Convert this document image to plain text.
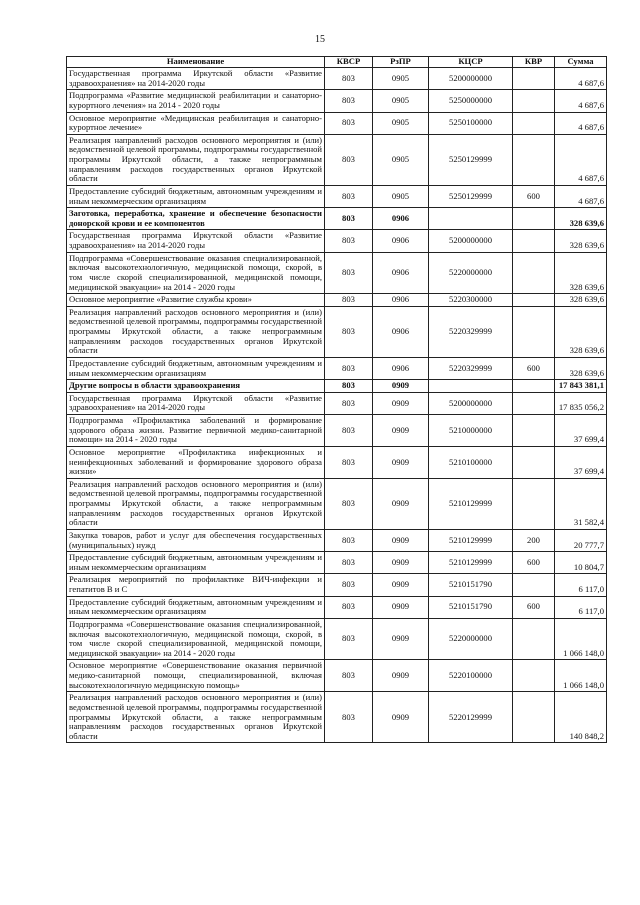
15
Наименование	КВСР	РзПР	КЦСР	КВР	Сумма
Государственная программа Иркутской области «Развитие здравоохранения» на 2014-2020 годы	803	0905	5200000000		4 687,6
Подпрограмма «Развитие медицинской реабилитации и санаторно-курортного лечения» на 2014 - 2020 годы	803	0905	5250000000		4 687,6
Основное мероприятие «Медицинская реабилитация и санаторно-курортное лечение»	803	0905	5250100000		4 687,6
Реализация направлений расходов основного мероприятия и (или) ведомственной целевой программы, подпрограммы государственной программы Иркутской области, а также непрограммным направлениям расходов государственных органов Иркутской области	803	0905	5250129999		4 687,6
Предоставление субсидий бюджетным, автономным учреждениям и иным некоммерческим организациям	803	0905	5250129999	600	4 687,6
Заготовка, переработка, хранение и обеспечение безопасности донорской крови и ее компонентов	803	0906			328 639,6
Государственная программа Иркутской области «Развитие здравоохранения» на 2014-2020 годы	803	0906	5200000000		328 639,6
Подпрограмма «Совершенствование оказания специализированной, включая высокотехнологичную, медицинской помощи, скорой, в том числе скорой специализированной, медицинской помощи, медицинской эвакуации» на 2014 - 2020 годы	803	0906	5220000000		328 639,6
Основное мероприятие «Развитие службы крови»	803	0906	5220300000		328 639,6
Реализация направлений расходов основного мероприятия и (или) ведомственной целевой программы, подпрограммы государственной программы Иркутской области, а также непрограммным направлениям расходов государственных органов Иркутской области	803	0906	5220329999		328 639,6
Предоставление субсидий бюджетным, автономным учреждениям и иным некоммерческим организациям	803	0906	5220329999	600	328 639,6
Другие вопросы в области здравоохранения	803	0909			17 843 381,1
Государственная программа Иркутской области «Развитие здравоохранения» на 2014-2020 годы	803	0909	5200000000		17 835 056,2
Подпрограмма «Профилактика заболеваний и формирование здорового образа жизни. Развитие первичной медико-санитарной помощи» на 2014 - 2020 годы	803	0909	5210000000		37 699,4
Основное мероприятие «Профилактика инфекционных и неинфекционных заболеваний и формирование здорового образа жизни»	803	0909	5210100000		37 699,4
Реализация направлений расходов основного мероприятия и (или) ведомственной целевой программы, подпрограммы государственной программы Иркутской области, а также непрограммным направлениям расходов государственных органов Иркутской области	803	0909	5210129999		31 582,4
Закупка товаров, работ и услуг для обеспечения государственных (муниципальных) нужд	803	0909	5210129999	200	20 777,7
Предоставление субсидий бюджетным, автономным учреждениям и иным некоммерческим организациям	803	0909	5210129999	600	10 804,7
Реализация мероприятий по профилактике ВИЧ-инфекции и гепатитов В и С	803	0909	5210151790		6 117,0
Предоставление субсидий бюджетным, автономным учреждениям и иным некоммерческим организациям	803	0909	5210151790	600	6 117,0
Подпрограмма «Совершенствование оказания специализированной, включая высокотехнологичную, медицинской помощи, скорой, в том числе скорой специализированной, медицинской помощи, медицинской эвакуации» на 2014 - 2020 годы	803	0909	5220000000		1 066 148,0
Основное мероприятие «Совершенствование оказания первичной медико-санитарной помощи, специализированной, включая высокотехнологичную медицинскую помощь»	803	0909	5220100000		1 066 148,0
Реализация направлений расходов основного мероприятия и (или) ведомственной целевой программы, подпрограммы государственной программы Иркутской области, а также непрограммным направлениям расходов государственных органов Иркутской области	803	0909	5220129999		140 848,2
